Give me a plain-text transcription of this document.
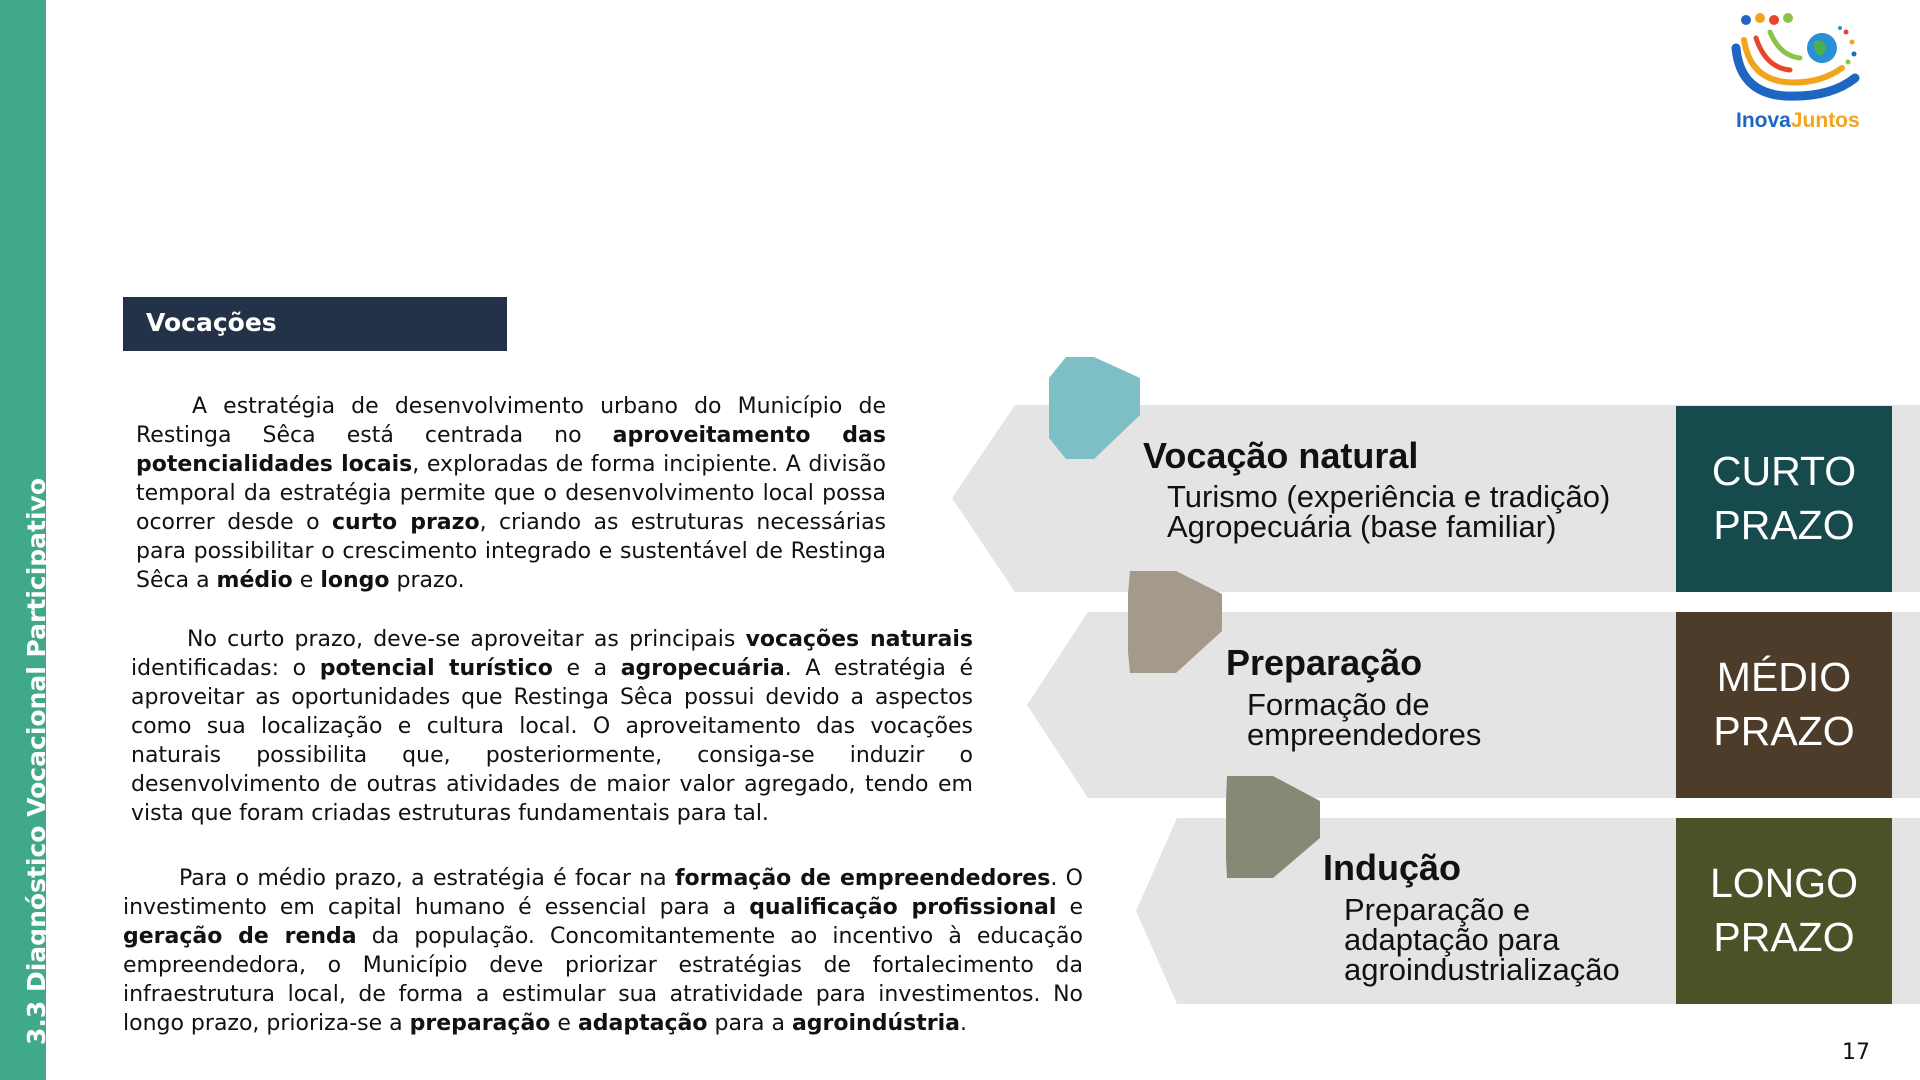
3.3 Diagnóstico Vocacional Participativo
InovaJuntos
Vocações

A estratégia de desenvolvimento urbano do Município de Restinga Sêca está centrada no aproveitamento das potencialidades locais, exploradas de forma incipiente. A divisão temporal da estratégia permite que o desenvolvimento local possa ocorrer desde o curto prazo, criando as estruturas necessárias para possibilitar o crescimento integrado e sustentável de Restinga Sêca a médio e longo prazo.

No curto prazo, deve-se aproveitar as principais vocações naturais identificadas: o potencial turístico e a agropecuária. A estratégia é aproveitar as oportunidades que Restinga Sêca possui devido a aspectos como sua localização e cultura local. O aproveitamento das vocações naturais possibilita que, posteriormente, consiga-se induzir o desenvolvimento de outras atividades de maior valor agregado, tendo em vista que foram criadas estruturas fundamentais para tal.

Para o médio prazo, a estratégia é focar na formação de empreendedores. O investimento em capital humano é essencial para a qualificação profissional e geração de renda da população. Concomitantemente ao incentivo à educação empreendedora, o Município deve priorizar estratégias de fortalecimento da infraestrutura local, de forma a estimular sua atratividade para investimentos. No longo prazo, prioriza-se a preparação e adaptação para a agroindústria.

Vocação natural
Turismo (experiência e tradição)
Agropecuária (base familiar)
CURTO
PRAZO
Preparação
Formação de
empreendedores
MÉDIO
PRAZO
Indução
Preparação e
adaptação para
agroindustrialização
LONGO
PRAZO
17
